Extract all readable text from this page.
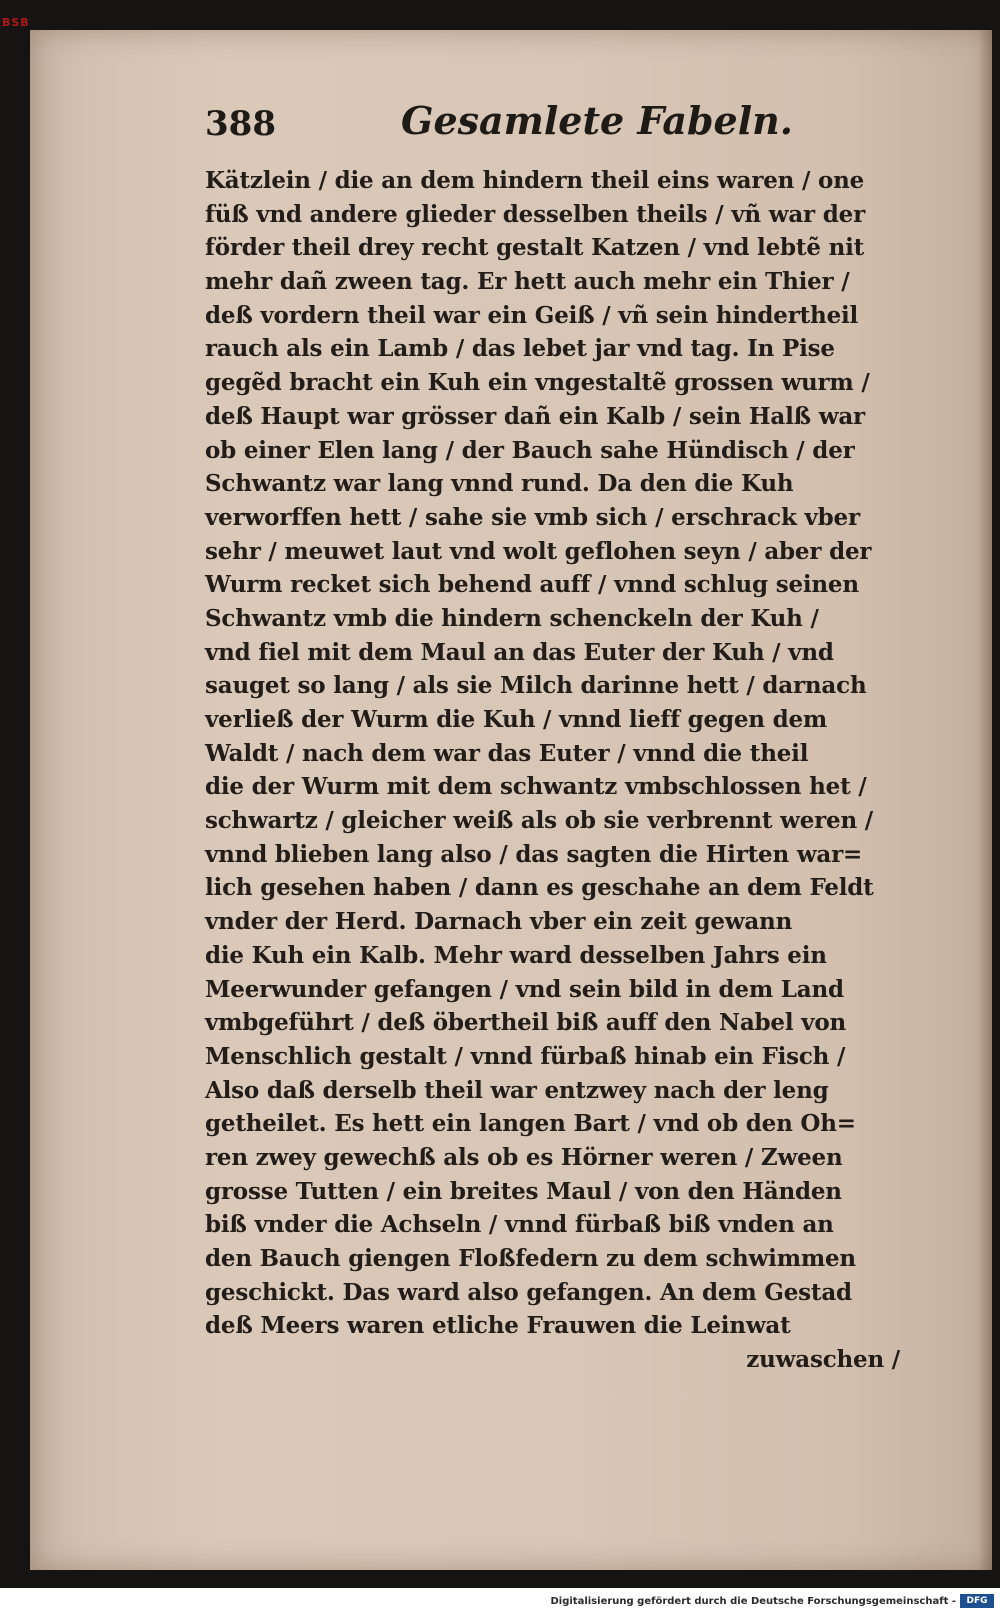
BSB
388	Gesamlete Fabeln.
Kätzlein / die an dem hindern theil eins waren / one
füß vnd andere glieder desselben theils / vñ war der
förder theil drey recht gestalt Katzen / vnd lebtẽ nit
mehr dañ zween tag. Er hett auch mehr ein Thier /
deß vordern theil war ein Geiß / vñ sein hindertheil
rauch als ein Lamb / das lebet jar vnd tag. In Pise
gegẽd bracht ein Kuh ein vngestaltẽ grossen wurm /
deß Haupt war grösser dañ ein Kalb / sein Halß war
ob einer Elen lang / der Bauch sahe Hündisch / der
Schwantz war lang vnnd rund. Da den die Kuh
verworffen hett / sahe sie vmb sich / erschrack vber
sehr / meuwet laut vnd wolt geflohen seyn / aber der
Wurm recket sich behend auff / vnnd schlug seinen
Schwantz vmb die hindern schenckeln der Kuh /
vnd fiel mit dem Maul an das Euter der Kuh / vnd
sauget so lang / als sie Milch darinne hett / darnach
verließ der Wurm die Kuh / vnnd lieff gegen dem
Waldt / nach dem war das Euter / vnnd die theil
die der Wurm mit dem schwantz vmbschlossen het /
schwartz / gleicher weiß als ob sie verbrennt weren /
vnnd blieben lang also / das sagten die Hirten war=
lich gesehen haben / dann es geschahe an dem Feldt
vnder der Herd. Darnach vber ein zeit gewann
die Kuh ein Kalb. Mehr ward desselben Jahrs ein
Meerwunder gefangen / vnd sein bild in dem Land
vmbgeführt / deß öbertheil biß auff den Nabel von
Menschlich gestalt / vnnd fürbaß hinab ein Fisch /
Also daß derselb theil war entzwey nach der leng
getheilet. Es hett ein langen Bart / vnd ob den Oh=
ren zwey gewechß als ob es Hörner weren / Zween
grosse Tutten / ein breites Maul / von den Händen
biß vnder die Achseln / vnnd fürbaß biß vnden an
den Bauch giengen Floßfedern zu dem schwimmen
geschickt. Das ward also gefangen. An dem Gestad
deß Meers waren etliche Frauwen die Leinwat
zuwaschen /
Digitalisierung gefördert durch die Deutsche Forschungsgemeinschaft -	DFG
